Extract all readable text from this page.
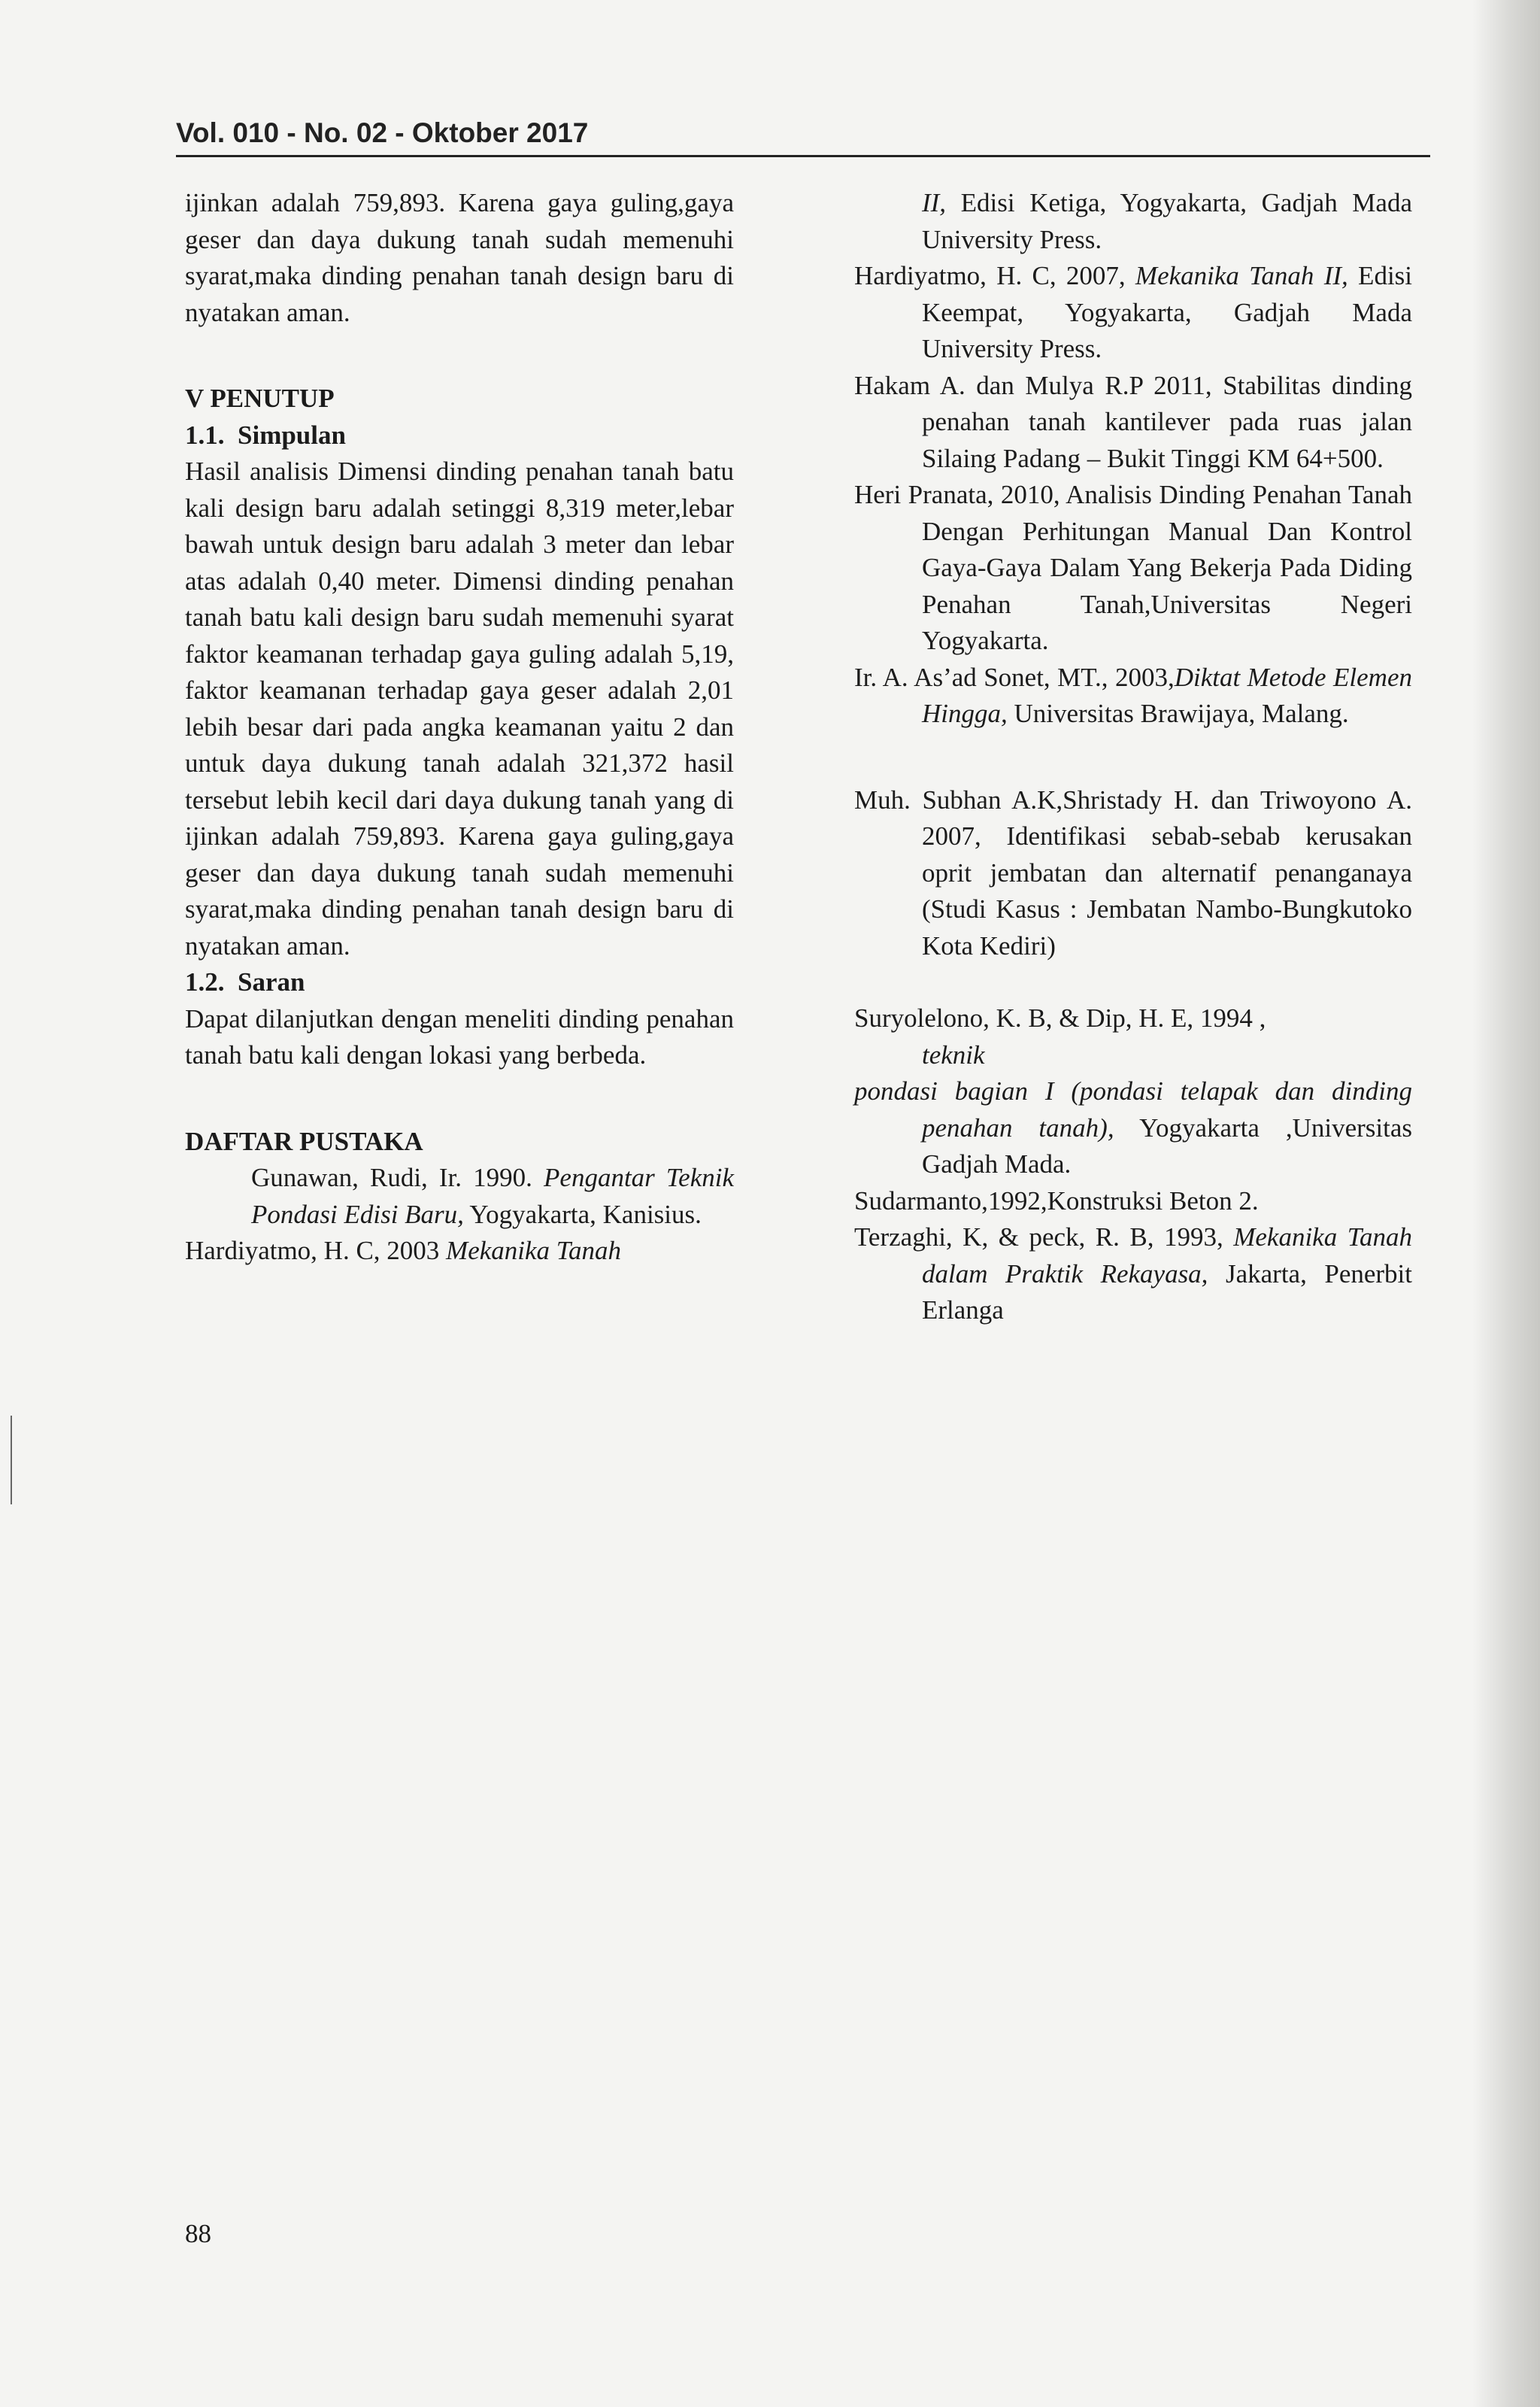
Vol. 010 - No. 02 - Oktober 2017

ijinkan adalah 759,893. Karena gaya guling,gaya geser dan daya dukung tanah sudah memenuhi syarat,maka dinding penahan tanah design baru di nyatakan aman.

V PENUTUP
1.1.  Simpulan

Hasil analisis Dimensi dinding penahan tanah batu kali design baru adalah setinggi 8,319 meter,lebar bawah untuk design baru adalah 3 meter dan lebar atas adalah 0,40 meter. Dimensi dinding penahan tanah batu kali design baru sudah memenuhi syarat faktor keamanan terhadap gaya guling adalah 5,19, faktor keamanan terhadap gaya geser adalah 2,01 lebih besar dari pada angka keamanan yaitu 2 dan untuk daya dukung tanah adalah 321,372 hasil tersebut lebih kecil dari daya dukung tanah yang di ijinkan adalah 759,893. Karena gaya guling,gaya geser dan daya dukung tanah sudah memenuhi syarat,maka dinding penahan tanah design baru di nyatakan aman.

1.2.  Saran

Dapat dilanjutkan dengan meneliti dinding penahan tanah batu kali dengan lokasi yang berbeda.

DAFTAR PUSTAKA
Gunawan, Rudi, Ir. 1990. Pengantar Teknik Pondasi Edisi Baru, Yogyakarta, Kanisius.
Hardiyatmo, H. C, 2003 Mekanika Tanah
II, Edisi Ketiga, Yogyakarta, Gadjah Mada University Press.
Hardiyatmo, H. C, 2007, Mekanika Tanah II, Edisi Keempat, Yogyakarta, Gadjah Mada University Press.
Hakam A. dan Mulya R.P 2011, Stabilitas dinding penahan tanah kantilever pada ruas jalan Silaing Padang – Bukit Tinggi KM 64+500.
Heri Pranata, 2010, Analisis Dinding Penahan Tanah Dengan Perhitungan Manual Dan Kontrol Gaya-Gaya Dalam Yang Bekerja Pada Diding Penahan Tanah,Universitas Negeri Yogyakarta.
Ir. A. As’ad Sonet, MT., 2003,Diktat Metode Elemen Hingga, Universitas Brawijaya, Malang.
Muh. Subhan A.K,Shristady H. dan Triwoyono A. 2007, Identifikasi sebab-sebab kerusakan oprit jembatan dan alternatif penanganaya (Studi Kasus : Jembatan Nambo-Bungkutoko Kota Kediri)
Suryolelono, K. B, & Dip, H. E, 1994 ,
teknik
pondasi bagian I (pondasi telapak dan dinding penahan tanah), Yogyakarta ,Universitas Gadjah Mada.
Sudarmanto,1992,Konstruksi Beton 2.
Terzaghi, K, & peck, R. B, 1993, Mekanika Tanah dalam Praktik Rekayasa, Jakarta, Penerbit Erlanga
88
